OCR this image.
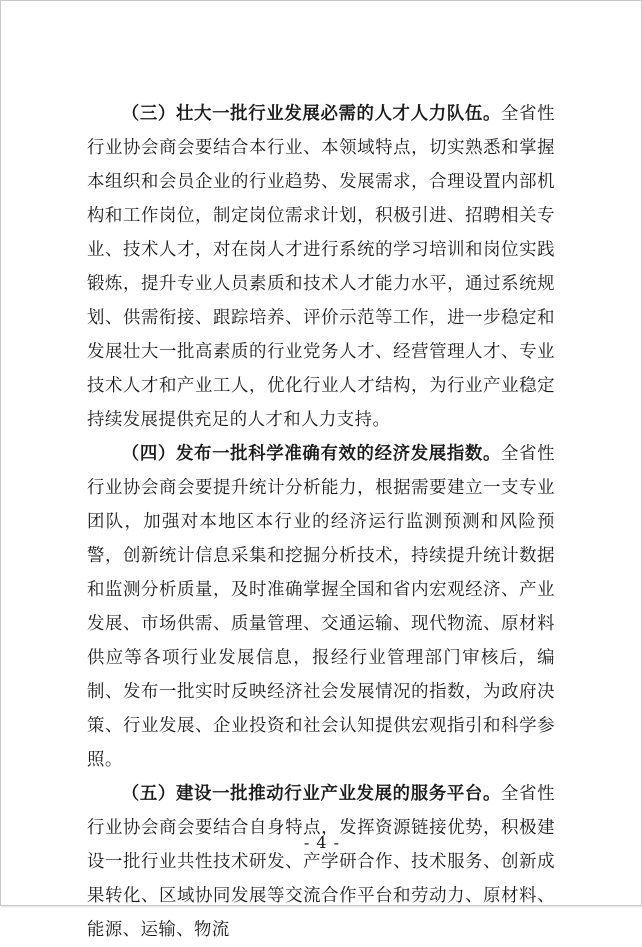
（三）壮大一批行业发展必需的人才人力队伍。全省性行业协会商会要结合本行业、本领域特点，切实熟悉和掌握本组织和会员企业的行业趋势、发展需求，合理设置内部机构和工作岗位，制定岗位需求计划，积极引进、招聘相关专业、技术人才，对在岗人才进行系统的学习培训和岗位实践锻炼，提升专业人员素质和技术人才能力水平，通过系统规划、供需衔接、跟踪培养、评价示范等工作，进一步稳定和发展壮大一批高素质的行业党务人才、经营管理人才、专业技术人才和产业工人，优化行业人才结构，为行业产业稳定持续发展提供充足的人才和人力支持。

（四）发布一批科学准确有效的经济发展指数。全省性行业协会商会要提升统计分析能力，根据需要建立一支专业团队，加强对本地区本行业的经济运行监测预测和风险预警，创新统计信息采集和挖掘分析技术，持续提升统计数据和监测分析质量，及时准确掌握全国和省内宏观经济、产业发展、市场供需、质量管理、交通运输、现代物流、原材料供应等各项行业发展信息，报经行业管理部门审核后，编制、发布一批实时反映经济社会发展情况的指数，为政府决策、行业发展、企业投资和社会认知提供宏观指引和科学参照。

（五）建设一批推动行业产业发展的服务平台。全省性行业协会商会要结合自身特点，发挥资源链接优势，积极建设一批行业共性技术研发、产学研合作、技术服务、创新成果转化、区域协同发展等交流合作平台和劳动力、原材料、能源、运输、物流

- 4 -
